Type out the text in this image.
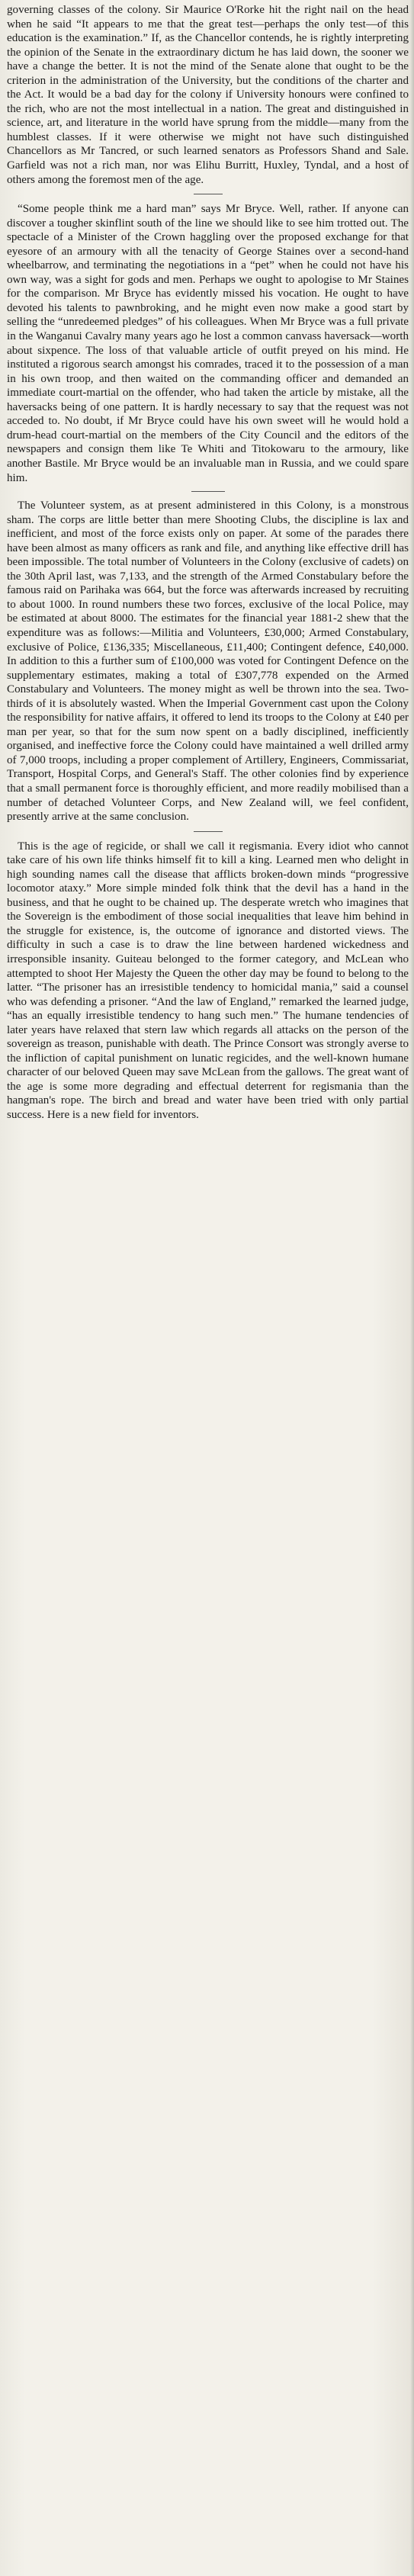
governing classes of the colony. Sir Maurice O'Rorke hit the right nail on the head when he said “It appears to me that the great test—perhaps the only test—of this education is the examination.” If, as the Chancellor contends, he is rightly interpreting the opinion of the Senate in the extraordinary dictum he has laid down, the sooner we have a change the better. It is not the mind of the Senate alone that ought to be the criterion in the administration of the University, but the conditions of the charter and the Act. It would be a bad day for the colony if University honours were confined to the rich, who are not the most intellectual in a nation. The great and distinguished in science, art, and literature in the world have sprung from the middle—many from the humblest classes. If it were otherwise we might not have such distinguished Chancellors as Mr Tancred, or such learned senators as Professors Shand and Sale. Garfield was not a rich man, nor was Elihu Burritt, Huxley, Tyndal, and a host of others among the foremost men of the age.

“Some people think me a hard man” says Mr Bryce. Well, rather. If anyone can discover a tougher skinflint south of the line we should like to see him trotted out. The spectacle of a Minister of the Crown haggling over the proposed exchange for that eyesore of an armoury with all the tenacity of George Staines over a second-hand wheelbarrow, and terminating the negotiations in a “pet” when he could not have his own way, was a sight for gods and men. Perhaps we ought to apologise to Mr Staines for the comparison. Mr Bryce has evidently missed his vocation. He ought to have devoted his talents to pawnbroking, and he might even now make a good start by selling the “unredeemed pledges” of his colleagues. When Mr Bryce was a full private in the Wanganui Cavalry many years ago he lost a common canvass haversack—worth about sixpence. The loss of that valuable article of outfit preyed on his mind. He instituted a rigorous search amongst his comrades, traced it to the possession of a man in his own troop, and then waited on the commanding officer and demanded an immediate court-martial on the offender, who had taken the article by mistake, all the haversacks being of one pattern. It is hardly necessary to say that the request was not acceded to. No doubt, if Mr Bryce could have his own sweet will he would hold a drum-head court-martial on the members of the City Council and the editors of the newspapers and consign them like Te Whiti and Titokowaru to the armoury, like another Bastile. Mr Bryce would be an invaluable man in Russia, and we could spare him.

The Volunteer system, as at present administered in this Colony, is a monstrous sham. The corps are little better than mere Shooting Clubs, the discipline is lax and inefficient, and most of the force exists only on paper. At some of the parades there have been almost as many officers as rank and file, and anything like effective drill has been impossible. The total number of Volunteers in the Colony (exclusive of cadets) on the 30th April last, was 7,133, and the strength of the Armed Constabulary before the famous raid on Parihaka was 664, but the force was afterwards increased by recruiting to about 1000. In round numbers these two forces, exclusive of the local Police, may be estimated at about 8000. The estimates for the financial year 1881-2 shew that the expenditure was as follows:—Militia and Volunteers, £30,000; Armed Constabulary, exclusive of Police, £136,335; Miscellaneous, £11,400; Contingent defence, £40,000. In addition to this a further sum of £100,000 was voted for Contingent Defence on the supplementary estimates, making a total of £307,778 expended on the Armed Constabulary and Volunteers. The money might as well be thrown into the sea. Two-thirds of it is absolutely wasted. When the Imperial Government cast upon the Colony the responsibility for native affairs, it offered to lend its troops to the Colony at £40 per man per year, so that for the sum now spent on a badly disciplined, inefficiently organised, and ineffective force the Colony could have maintained a well drilled army of 7,000 troops, including a proper complement of Artillery, Engineers, Commissariat, Transport, Hospital Corps, and General's Staff. The other colonies find by experience that a small permanent force is thoroughly efficient, and more readily mobilised than a number of detached Volunteer Corps, and New Zealand will, we feel confident, presently arrive at the same conclusion.

This is the age of regicide, or shall we call it regismania. Every idiot who cannot take care of his own life thinks himself fit to kill a king. Learned men who delight in high sounding names call the disease that afflicts broken-down minds “progressive locomotor ataxy.” More simple minded folk think that the devil has a hand in the business, and that he ought to be chained up. The desperate wretch who imagines that the Sovereign is the embodiment of those social inequalities that leave him behind in the struggle for existence, is, the outcome of ignorance and distorted views. The difficulty in such a case is to draw the line between hardened wickedness and irresponsible insanity. Guiteau belonged to the former category, and McLean who attempted to shoot Her Majesty the Queen the other day may be found to belong to the latter. “The prisoner has an irresistible tendency to homicidal mania,” said a counsel who was defending a prisoner. “And the law of England,” remarked the learned judge, “has an equally irresistible tendency to hang such men.” The humane tendencies of later years have relaxed that stern law which regards all attacks on the person of the sovereign as treason, punishable with death. The Prince Consort was strongly averse to the infliction of capital punishment on lunatic regicides, and the well-known humane character of our beloved Queen may save McLean from the gallows. The great want of the age is some more degrading and effectual deterrent for regismania than the hangman's rope. The birch and bread and water have been tried with only partial success. Here is a new field for inventors.
